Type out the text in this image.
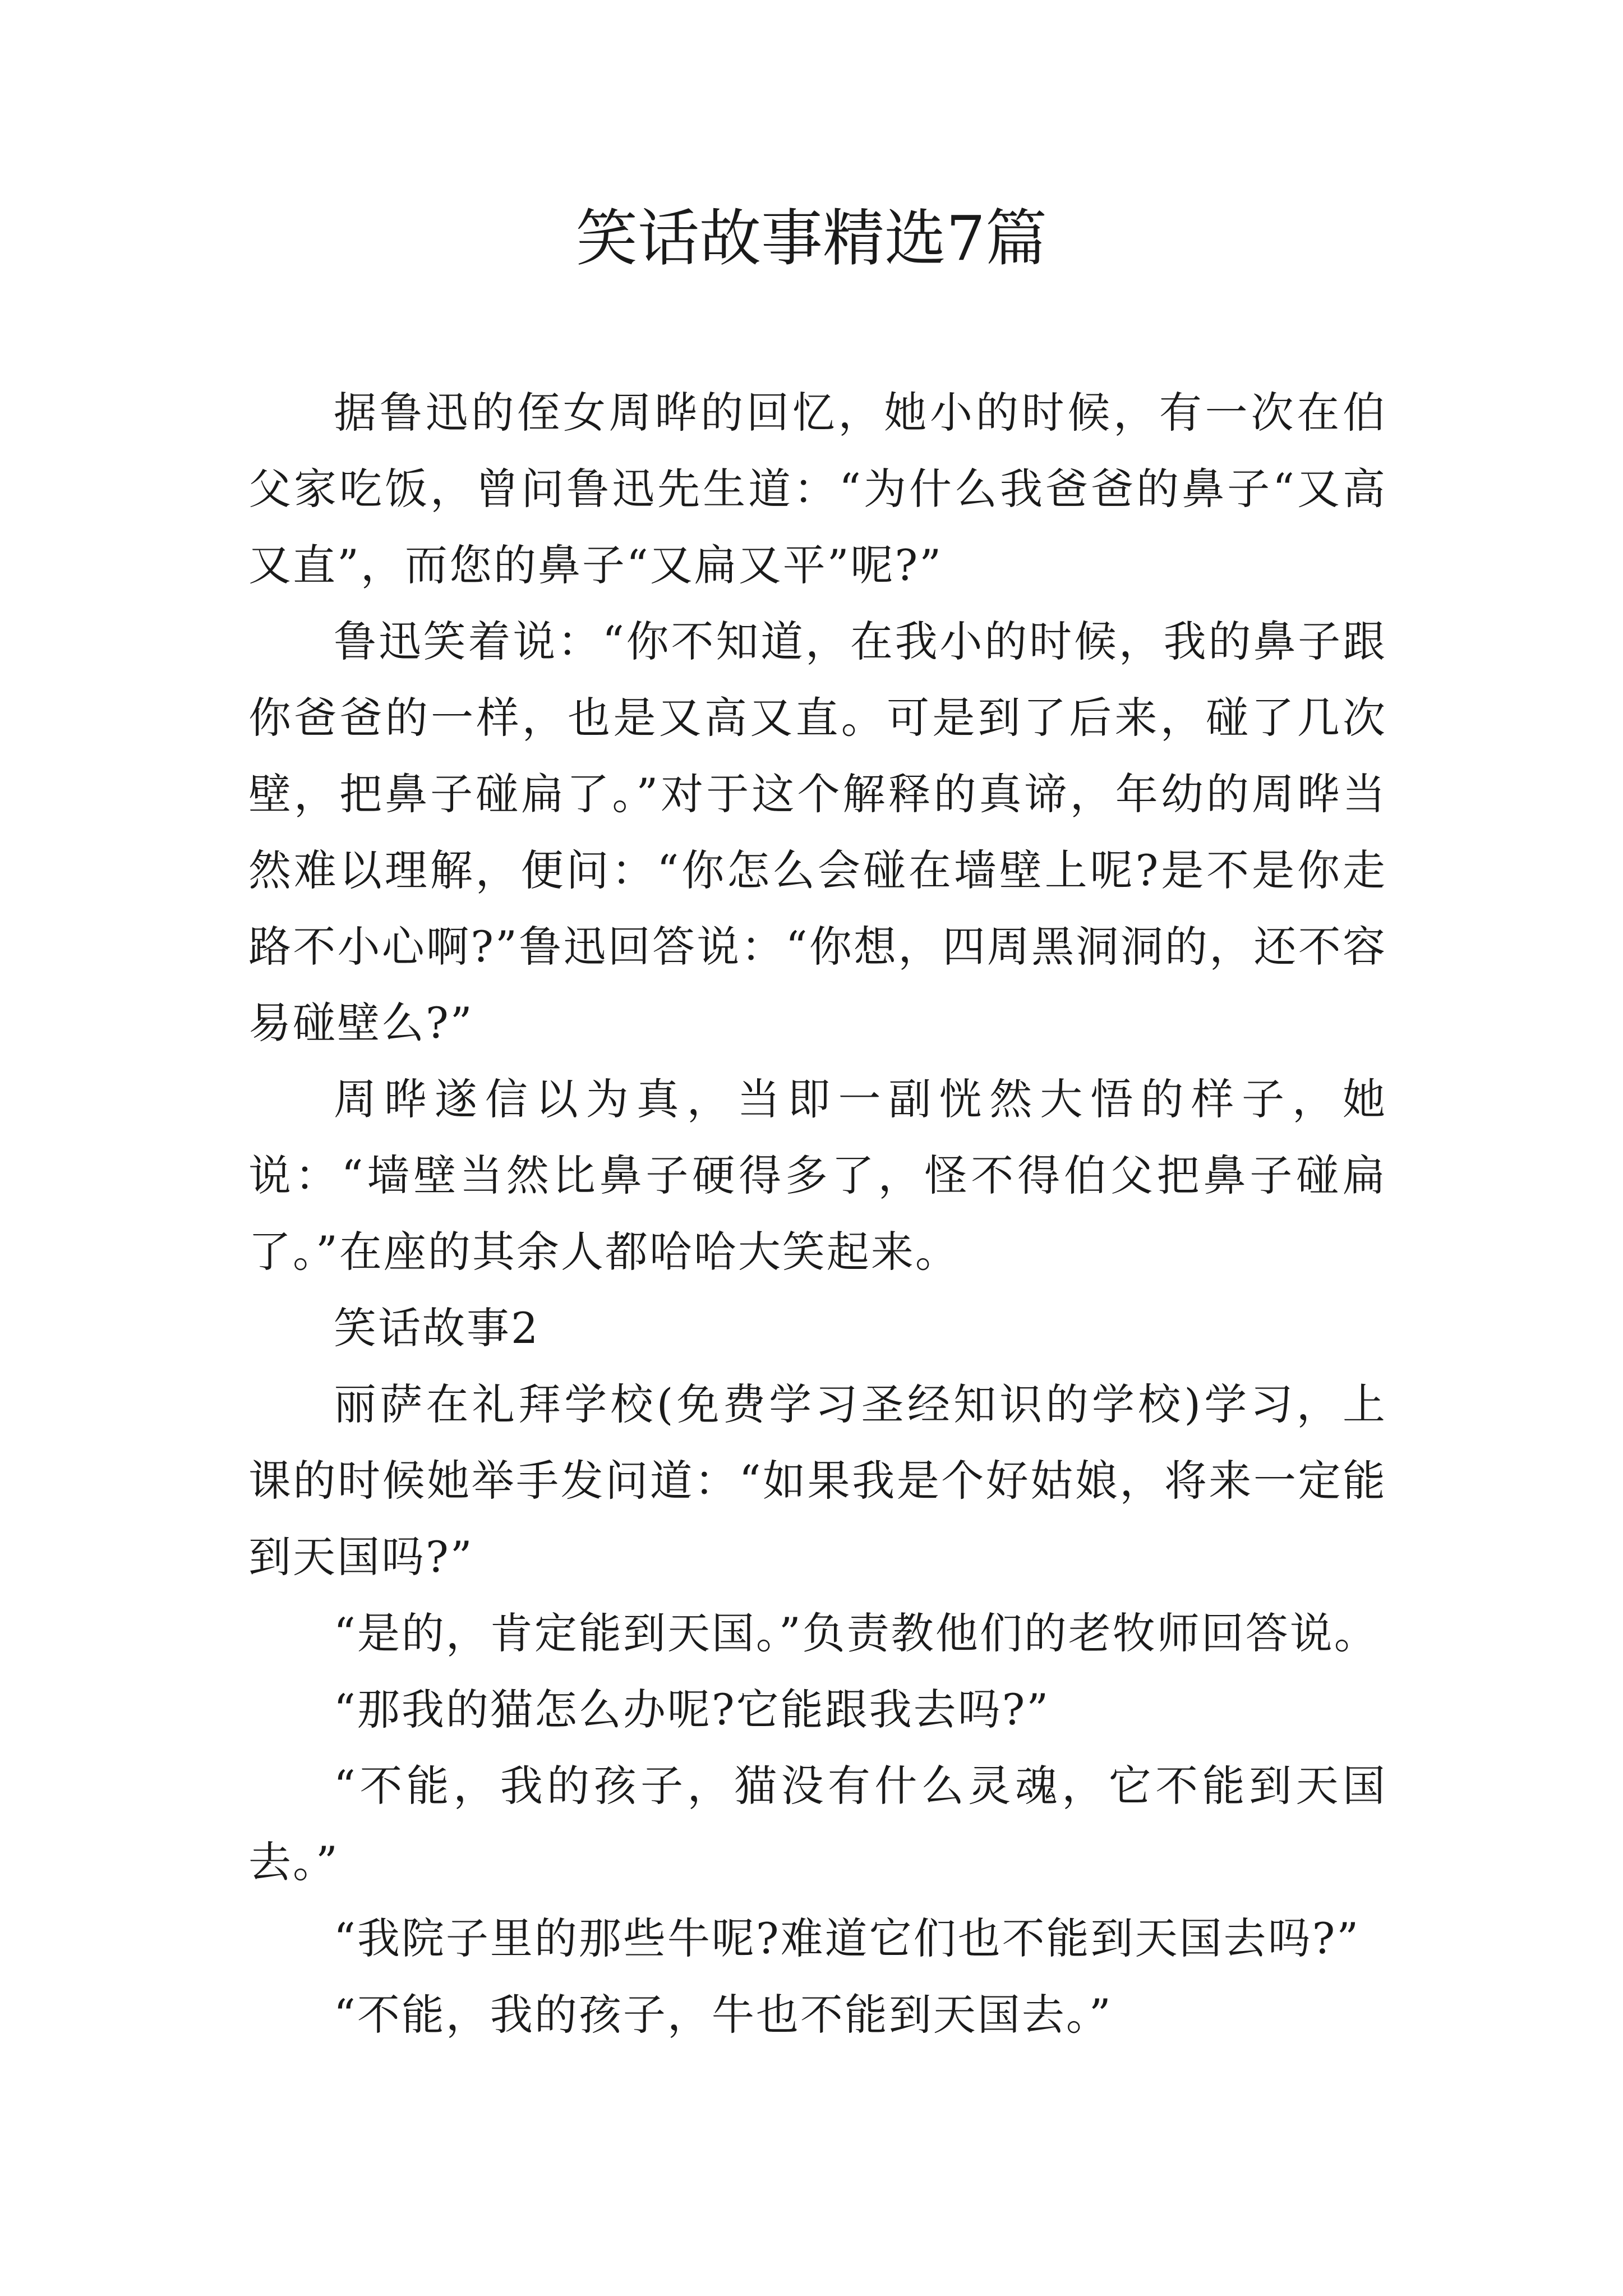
笑话故事精选7篇

据鲁迅的侄女周晔的回忆，她小的时候，有一次在伯父家吃饭，曾问鲁迅先生道：“为什么我爸爸的鼻子“又高又直”，而您的鼻子“又扁又平”呢?”

鲁迅笑着说：“你不知道，在我小的时候，我的鼻子跟你爸爸的一样，也是又高又直。可是到了后来，碰了几次壁，把鼻子碰扁了。”对于这个解释的真谛，年幼的周晔当然难以理解，便问：“你怎么会碰在墙壁上呢?是不是你走路不小心啊?”鲁迅回答说：“你想，四周黑洞洞的，还不容易碰壁么?”

周晔遂信以为真，当即一副恍然大悟的样子，她说：“墙壁当然比鼻子硬得多了，怪不得伯父把鼻子碰扁了。”在座的其余人都哈哈大笑起来。

笑话故事2

丽萨在礼拜学校(免费学习圣经知识的学校)学习，上课的时候她举手发问道：“如果我是个好姑娘，将来一定能到天国吗?”

“是的，肯定能到天国。”负责教他们的老牧师回答说。

“那我的猫怎么办呢?它能跟我去吗?”

“不能，我的孩子，猫没有什么灵魂，它不能到天国去。”

“我院子里的那些牛呢?难道它们也不能到天国去吗?”

“不能，我的孩子，牛也不能到天国去。”
